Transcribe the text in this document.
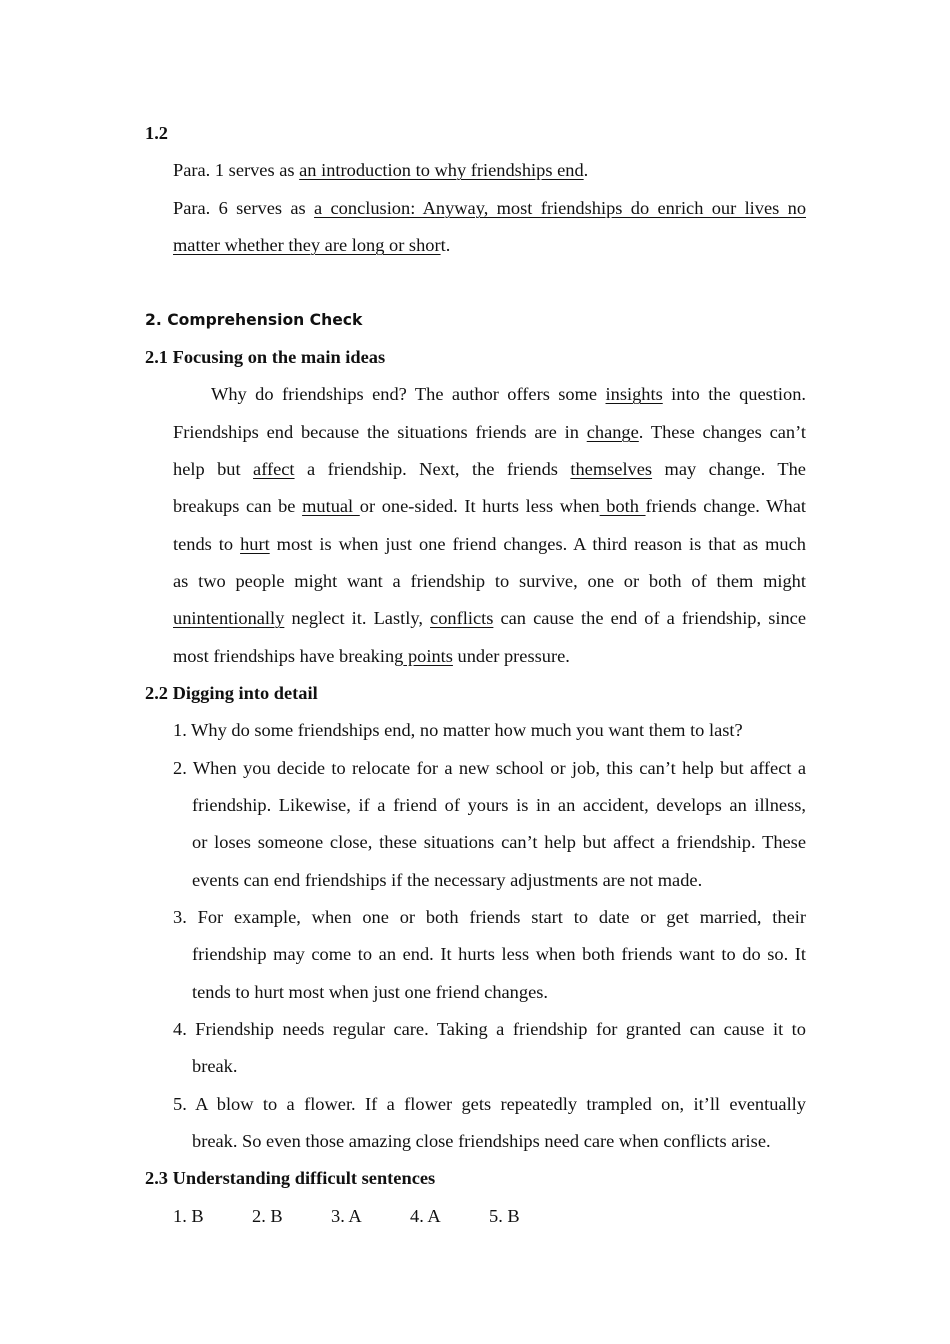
1.2
Para. 1 serves as an introduction to why friendships end.
Para. 6 serves as a conclusion: Anyway, most friendships do enrich our lives no
matter whether they are long or short.
2. Comprehension Check
2.1 Focusing on the main ideas
Why do friendships end? The author offers some insights into the question.
Friendships end because the situations friends are in change. These changes can’t
help but affect a friendship. Next, the friends themselves may change. The
breakups can be mutual or one-sided. It hurts less when both friends change. What
tends to hurt most is when just one friend changes. A third reason is that as much
as two people might want a friendship to survive, one or both of them might
unintentionally neglect it. Lastly, conflicts can cause the end of a friendship, since
most friendships have breaking points under pressure.
2.2 Digging into detail
1. Why do some friendships end, no matter how much you want them to last?
2. When you decide to relocate for a new school or job, this can’t help but affect a
friendship. Likewise, if a friend of yours is in an accident, develops an illness,
or loses someone close, these situations can’t help but affect a friendship. These
events can end friendships if the necessary adjustments are not made.
3. For example, when one or both friends start to date or get married, their
friendship may come to an end. It hurts less when both friends want to do so. It
tends to hurt most when just one friend changes.
4. Friendship needs regular care. Taking a friendship for granted can cause it to
break.
5. A blow to a flower. If a flower gets repeatedly trampled on, it’ll eventually
break. So even those amazing close friendships need care when conflicts arise.
2.3 Understanding difficult sentences
1. B	2. B	3. A	4. A	5. B
